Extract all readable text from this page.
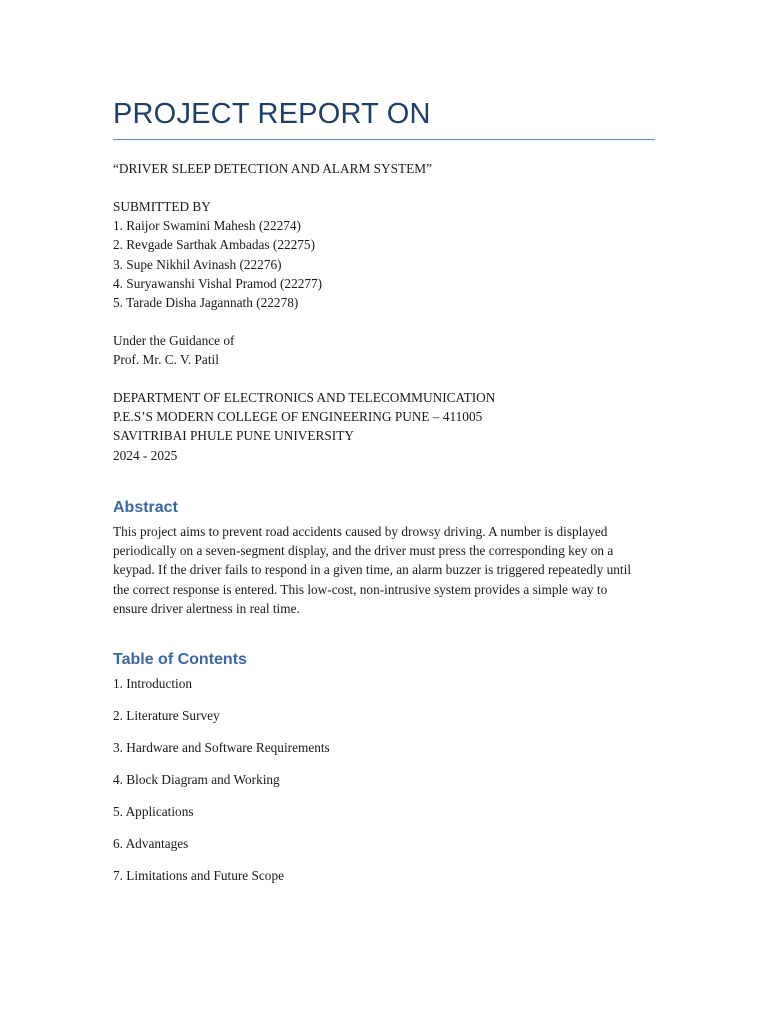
PROJECT REPORT ON

“DRIVER SLEEP DETECTION AND ALARM SYSTEM”

SUBMITTED BY

1. Raijor Swamini Mahesh (22274)

2. Revgade Sarthak Ambadas (22275)

3. Supe Nikhil Avinash (22276)

4. Suryawanshi Vishal Pramod (22277)

5. Tarade Disha Jagannath (22278)

Under the Guidance of

Prof. Mr. C. V. Patil

DEPARTMENT OF ELECTRONICS AND TELECOMMUNICATION

P.E.S’S MODERN COLLEGE OF ENGINEERING PUNE – 411005

SAVITRIBAI PHULE PUNE UNIVERSITY

2024 - 2025

Abstract

This project aims to prevent road accidents caused by drowsy driving. A number is displayed periodically on a seven-segment display, and the driver must press the corresponding key on a keypad. If the driver fails to respond in a given time, an alarm buzzer is triggered repeatedly until the correct response is entered. This low-cost, non-intrusive system provides a simple way to ensure driver alertness in real time.

Table of Contents
1. Introduction
2. Literature Survey
3. Hardware and Software Requirements
4. Block Diagram and Working
5. Applications
6. Advantages
7. Limitations and Future Scope
